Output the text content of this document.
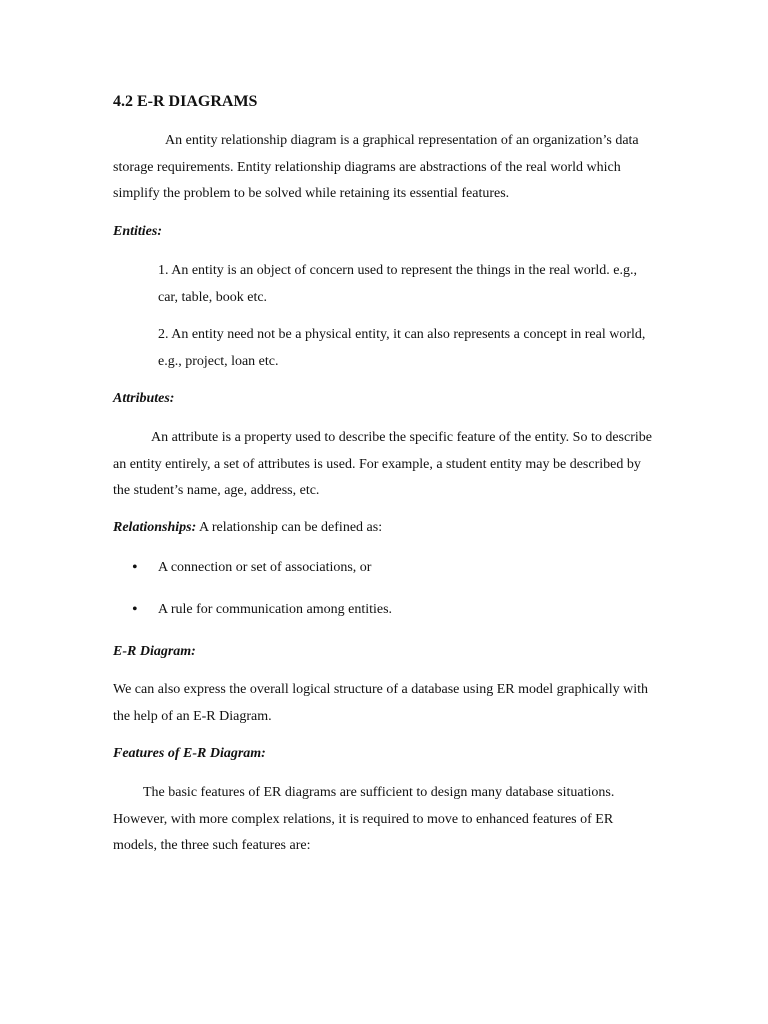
4.2 E-R DIAGRAMS
An entity relationship diagram is a graphical representation of an organization’s data storage requirements. Entity relationship diagrams are abstractions of the real world which simplify the problem to be solved while retaining its essential features.
Entities:
1. An entity is an object of concern used to represent the things in the real world. e.g., car, table, book etc.
2. An entity need not be a physical entity, it can also represents a concept in real world, e.g., project, loan etc.
Attributes:
An attribute is a property used to describe the specific feature of the entity. So to describe an entity entirely, a set of attributes is used. For example, a student entity may be described by the student’s name, age, address, etc.
Relationships: A relationship can be defined as:
•	A connection or set of associations, or
•	A rule for communication among entities.
E-R Diagram:
We can also express the overall logical structure of a database using ER model graphically with the help of an E-R Diagram.
Features of E-R Diagram:
The basic features of ER diagrams are sufficient to design many database situations. However, with more complex relations, it is required to move to enhanced features of ER models, the three such features are:
